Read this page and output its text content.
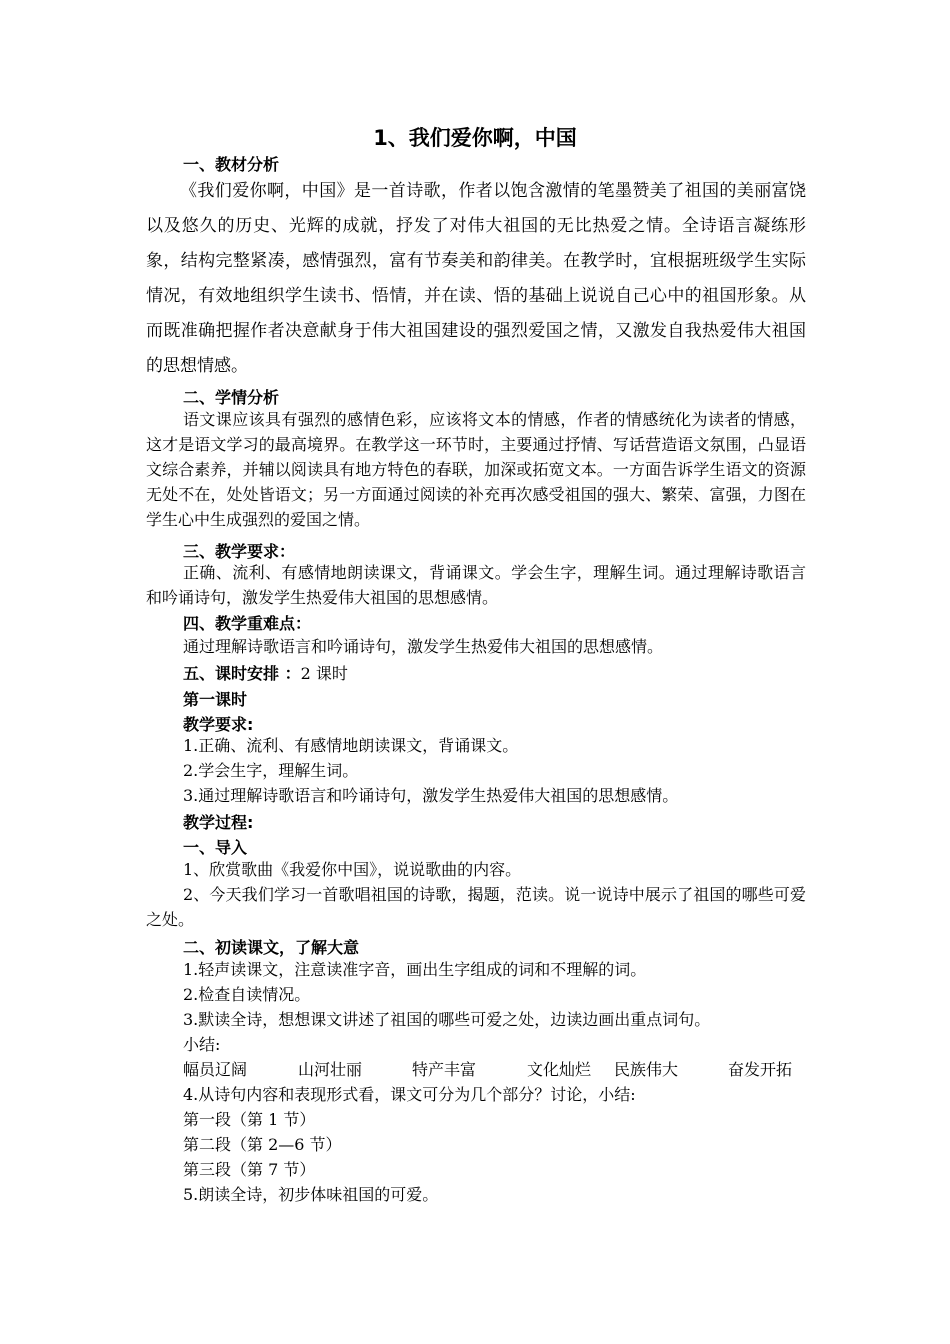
1、我们爱你啊，中国
一、教材分析

《我们爱你啊，中国》是一首诗歌，作者以饱含激情的笔墨赞美了祖国的美丽富饶以及悠久的历史、光辉的成就，抒发了对伟大祖国的无比热爱之情。全诗语言凝练形象，结构完整紧凑，感情强烈，富有节奏美和韵律美。在教学时，宜根据班级学生实际情况，有效地组织学生读书、悟情，并在读、悟的基础上说说自己心中的祖国形象。从而既准确把握作者决意献身于伟大祖国建设的强烈爱国之情，又激发自我热爱伟大祖国的思想情感。

二、学情分析

语文课应该具有强烈的感情色彩，应该将文本的情感，作者的情感统化为读者的情感，这才是语文学习的最高境界。在教学这一环节时，主要通过抒情、写话营造语文氛围，凸显语文综合素养，并辅以阅读具有地方特色的春联，加深或拓宽文本。一方面告诉学生语文的资源无处不在，处处皆语文；另一方面通过阅读的补充再次感受祖国的强大、繁荣、富强，力图在学生心中生成强烈的爱国之情。

三、教学要求：

正确、流利、有感情地朗读课文，背诵课文。学会生字，理解生词。通过理解诗歌语言和吟诵诗句，激发学生热爱伟大祖国的思想感情。

四、教学重难点：
通过理解诗歌语言和吟诵诗句，激发学生热爱伟大祖国的思想感情。
五、课时安排 ：2 课时
第一课时
教学要求:
1.正确、流利、有感情地朗读课文，背诵课文。
2.学会生字，理解生词。
3.通过理解诗歌语言和吟诵诗句，激发学生热爱伟大祖国的思想感情。
教学过程:
一、导入
1、欣赏歌曲《我爱你中国》，说说歌曲的内容。

2、今天我们学习一首歌唱祖国的诗歌，揭题，范读。说一说诗中展示了祖国的哪些可爱之处。

二、初读课文，了解大意
1.轻声读课文，注意读准字音，画出生字组成的词和不理解的词。
2.检查自读情况。
3.默读全诗，想想课文讲述了祖国的哪些可爱之处，边读边画出重点词句。
小结:
幅员辽阔	山河壮丽	特产丰富	文化灿烂 民族伟大	奋发开拓
4.从诗句内容和表现形式看，课文可分为几个部分？讨论，小结:
第一段（第 1 节）
第二段（第 2—6 节）
第三段（第 7 节）
5.朗读全诗，初步体味祖国的可爱。
